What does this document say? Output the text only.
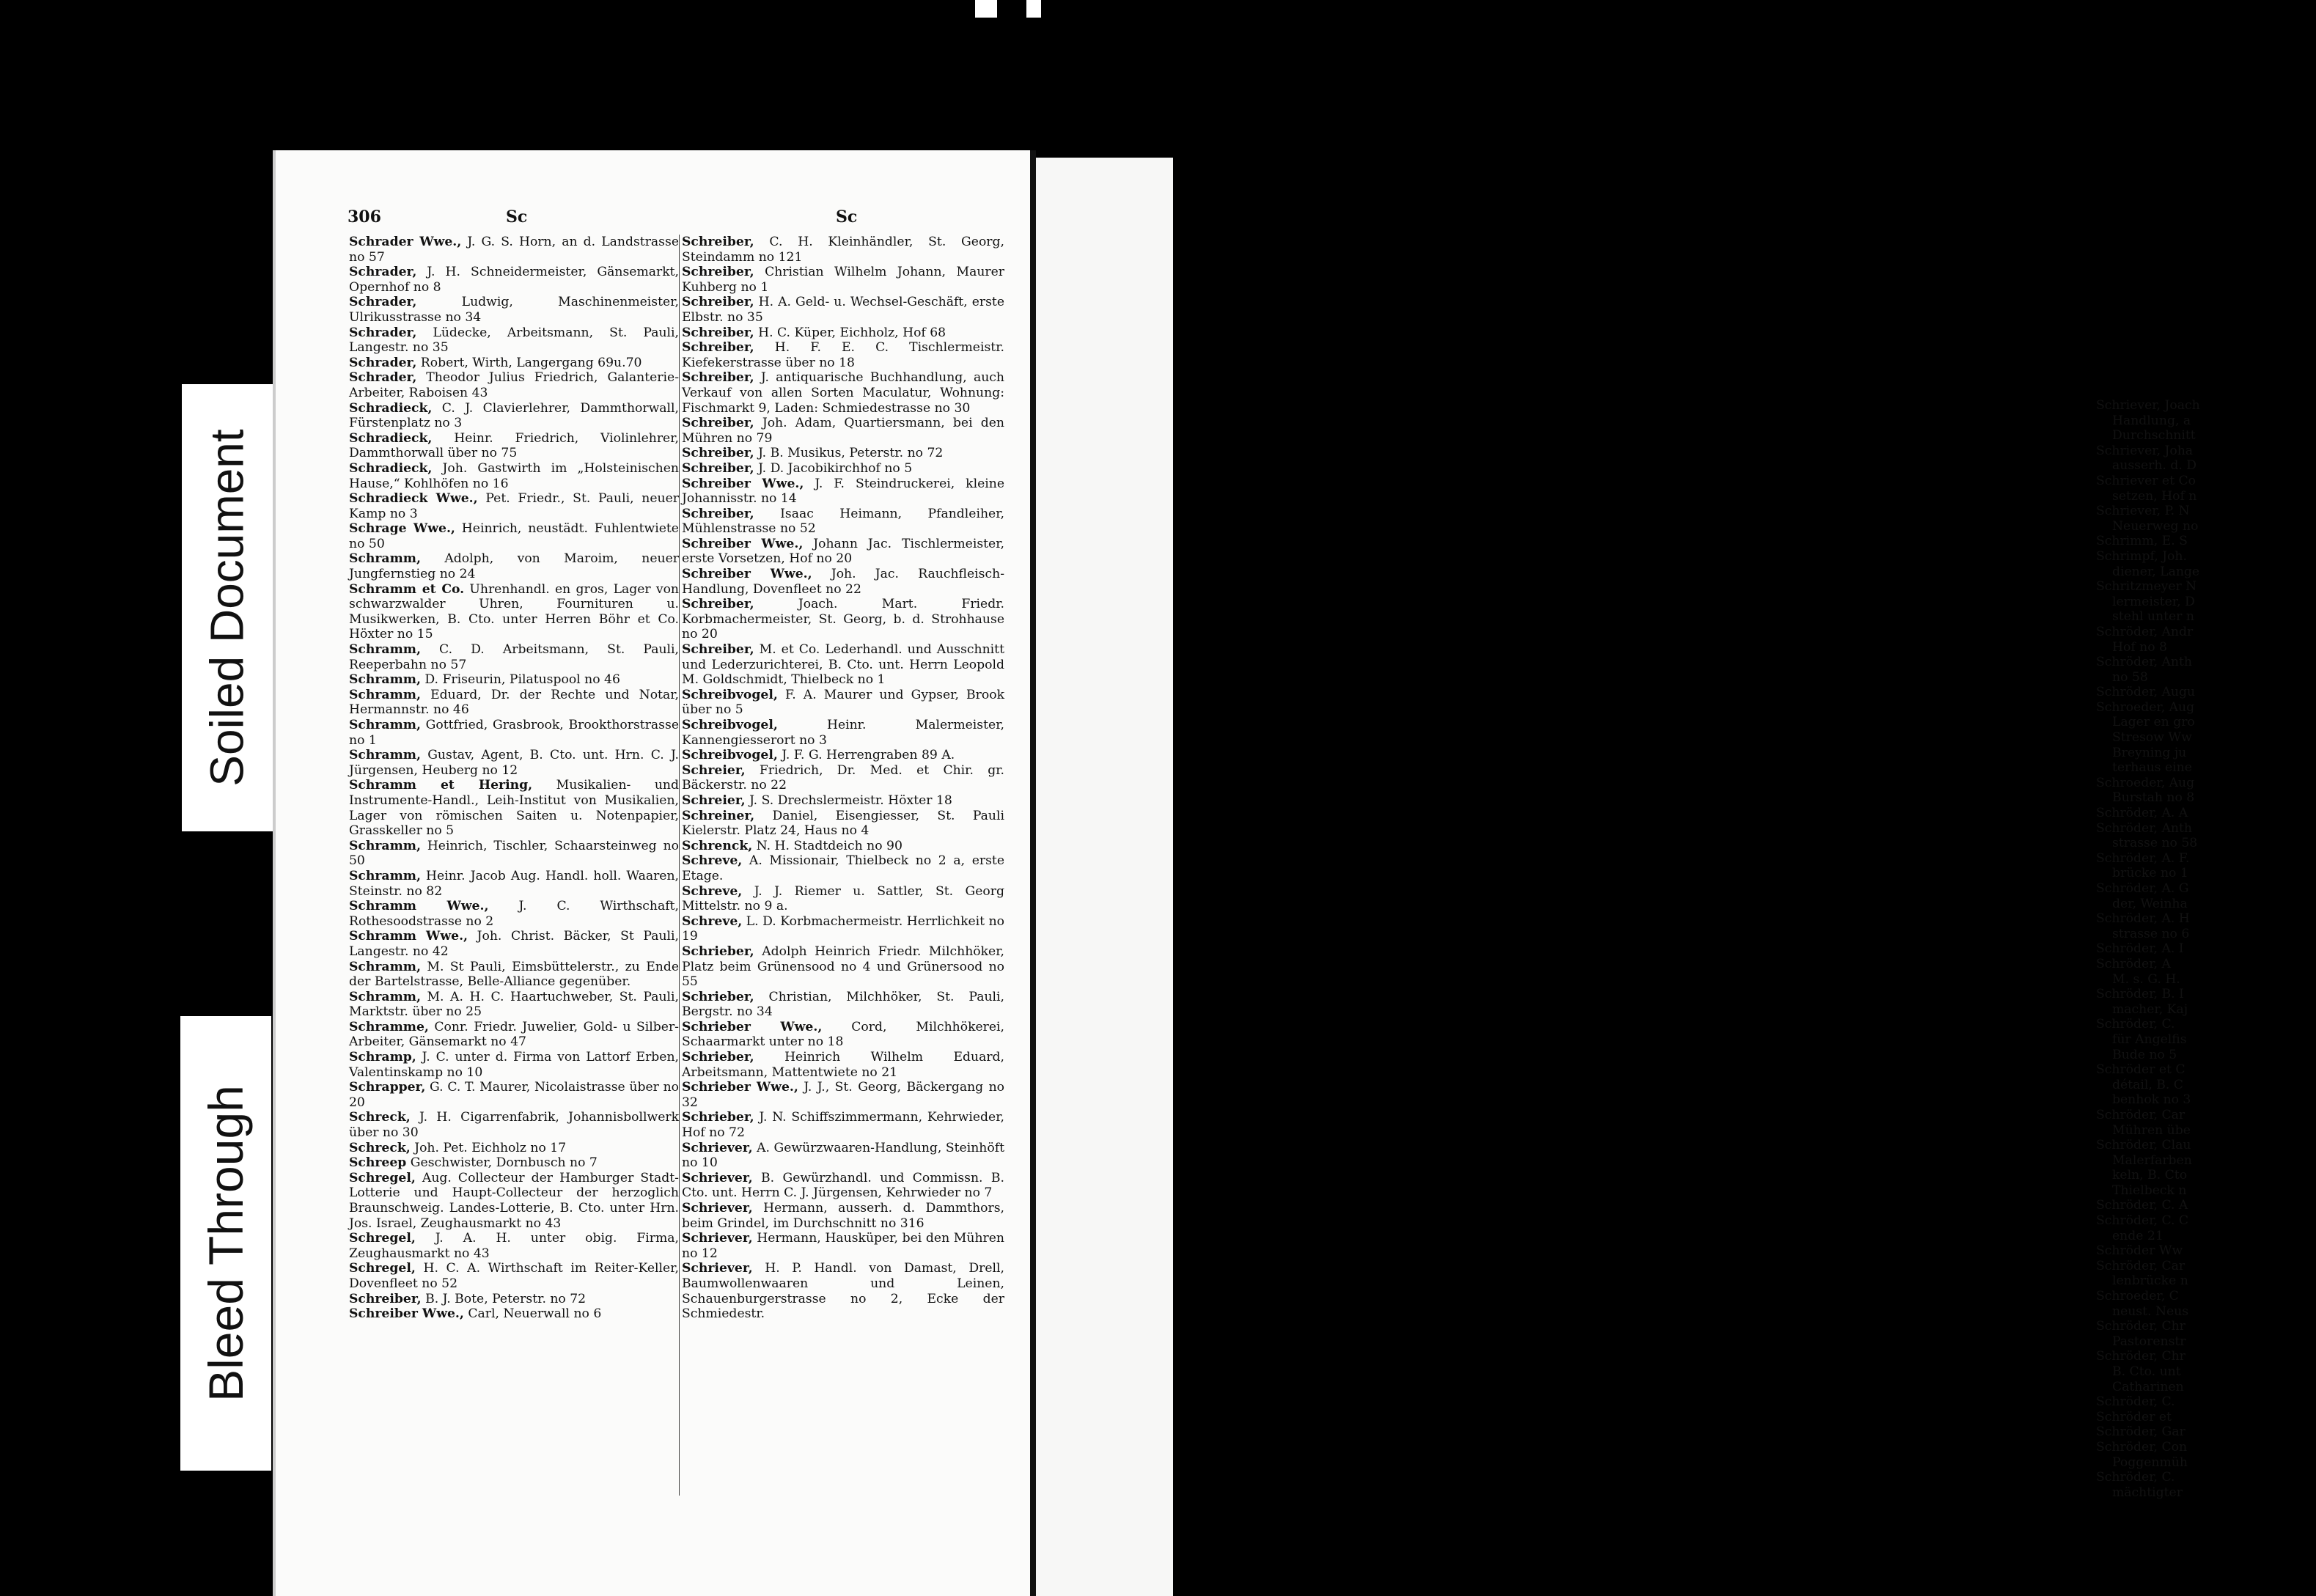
Soiled Document
Bleed Through
Schriever, Joach
Handlung, a
Durchschnitt
Schriever, Joha
ausserh. d. D
Schriever et Co
setzen, Hof n
Schriever, P. N
Neuerweg no
Schrimm, E. S
Schrimpf, Joh.
diener, Lange
Schritzmeyer N
lermeister, D
stehl unter n
Schröder, Andr
Hof no 8
Schröder, Anth
no 58
Schröder, Augu
Schroeder, Aug
Lager en gro
Stresow Ww
Breyning ju
terhaus eine
Schroeder, Aug
Burstah no 8
Schröder, A. A
Schröder, Anth
strasse no 58
Schröder, A. F.
brücke no 1
Schröder, A. G
der, Weinha
Schröder, A. H
strasse no 6
Schröder, A. I
Schröder, A
M. s. G. H.
Schröder, B. I
macher, Kaj
Schröder, C.
für Angelfis
Bude no 5
Schröder et C
détail, B. C
benhok no 3
Schröder, Car
Mühren übe
Schröder, Clau
Malerfarben
keln, B. Cto
Thielbeck n
Schröder, C. A
Schröder, C. C
ende 21
Schröder Ww
Schröder, Car
lenbrücke n
Schroeder, C
neust. Neus
Schröder, Chr
Pastorenstr
Schröder, Chr
B. Cto. unt
Catharinen
Schröder, C.
Schröder et
Schröder, Gar
Schröder, Con
Poggenmüh
Schröder, C.
mächtigter
306	Sc	Sc
Schrader Wwe., J. G. S. Horn, an d. Landstrasse no 57
Schrader, J. H. Schneidermeister, Gänsemarkt, Opernhof no 8
Schrader, Ludwig, Maschinenmeister, Ulrikusstrasse no 34
Schrader, Lüdecke, Arbeitsmann, St. Pauli, Langestr. no 35
Schrader, Robert, Wirth, Langergang 69u.70
Schrader, Theodor Julius Friedrich, Galanterie-Arbeiter, Raboisen 43
Schradieck, C. J. Clavierlehrer, Dammthorwall, Fürstenplatz no 3
Schradieck, Heinr. Friedrich, Violinlehrer, Dammthorwall über no 75
Schradieck, Joh. Gastwirth im „Holsteinischen Hause,“ Kohlhöfen no 16
Schradieck Wwe., Pet. Friedr., St. Pauli, neuer Kamp no 3
Schrage Wwe., Heinrich, neustädt. Fuhlentwiete no 50
Schramm, Adolph, von Maroim, neuer Jungfernstieg no 24
Schramm et Co. Uhrenhandl. en gros, Lager von schwarzwalder Uhren, Fournituren u. Musikwerken, B. Cto. unter Herren Böhr et Co. Höxter no 15
Schramm, C. D. Arbeitsmann, St. Pauli, Reeperbahn no 57
Schramm, D. Friseurin, Pilatuspool no 46
Schramm, Eduard, Dr. der Rechte und Notar, Hermannstr. no 46
Schramm, Gottfried, Grasbrook, Brookthorstrasse no 1
Schramm, Gustav, Agent, B. Cto. unt. Hrn. C. J. Jürgensen, Heuberg no 12
Schramm et Hering, Musikalien- und Instrumente-Handl., Leih-Institut von Musikalien, Lager von römischen Saiten u. Notenpapier, Grasskeller no 5
Schramm, Heinrich, Tischler, Schaarsteinweg no 50
Schramm, Heinr. Jacob Aug. Handl. holl. Waaren, Steinstr. no 82
Schramm Wwe., J. C. Wirthschaft, Rothesoodstrasse no 2
Schramm Wwe., Joh. Christ. Bäcker, St Pauli, Langestr. no 42
Schramm, M. St Pauli, Eimsbüttelerstr., zu Ende der Bartelstrasse, Belle-Alliance gegenüber.
Schramm, M. A. H. C. Haartuchweber, St. Pauli, Marktstr. über no 25
Schramme, Conr. Friedr. Juwelier, Gold- u Silber-Arbeiter, Gänsemarkt no 47
Schramp, J. C. unter d. Firma von Lattorf Erben, Valentinskamp no 10
Schrapper, G. C. T. Maurer, Nicolaistrasse über no 20
Schreck, J. H. Cigarrenfabrik, Johannisbollwerk über no 30
Schreck, Joh. Pet. Eichholz no 17
Schreep Geschwister, Dornbusch no 7
Schregel, Aug. Collecteur der Hamburger Stadt-Lotterie und Haupt-Collecteur der herzoglich Braunschweig. Landes-Lotterie, B. Cto. unter Hrn. Jos. Israel, Zeughausmarkt no 43
Schregel, J. A. H. unter obig. Firma, Zeughausmarkt no 43
Schregel, H. C. A. Wirthschaft im Reiter-Keller, Dovenfleet no 52
Schreiber, B. J. Bote, Peterstr. no 72
Schreiber Wwe., Carl, Neuerwall no 6
Schreiber, C. H. Kleinhändler, St. Georg, Steindamm no 121
Schreiber, Christian Wilhelm Johann, Maurer Kuhberg no 1
Schreiber, H. A. Geld- u. Wechsel-Geschäft, erste Elbstr. no 35
Schreiber, H. C. Küper, Eichholz, Hof 68
Schreiber, H. F. E. C. Tischlermeistr. Kiefekerstrasse über no 18
Schreiber, J. antiquarische Buchhandlung, auch Verkauf von allen Sorten Maculatur, Wohnung: Fischmarkt 9, Laden: Schmiedestrasse no 30
Schreiber, Joh. Adam, Quartiersmann, bei den Mühren no 79
Schreiber, J. B. Musikus, Peterstr. no 72
Schreiber, J. D. Jacobikirchhof no 5
Schreiber Wwe., J. F. Steindruckerei, kleine Johannisstr. no 14
Schreiber, Isaac Heimann, Pfandleiher, Mühlenstrasse no 52
Schreiber Wwe., Johann Jac. Tischlermeister, erste Vorsetzen, Hof no 20
Schreiber Wwe., Joh. Jac. Rauchfleisch-Handlung, Dovenfleet no 22
Schreiber, Joach. Mart. Friedr. Korbmachermeister, St. Georg, b. d. Strohhause no 20
Schreiber, M. et Co. Lederhandl. und Ausschnitt und Lederzurichterei, B. Cto. unt. Herrn Leopold M. Goldschmidt, Thielbeck no 1
Schreibvogel, F. A. Maurer und Gypser, Brook über no 5
Schreibvogel, Heinr. Malermeister, Kannengiesserort no 3
Schreibvogel, J. F. G. Herrengraben 89 A.
Schreier, Friedrich, Dr. Med. et Chir. gr. Bäckerstr. no 22
Schreier, J. S. Drechslermeistr. Höxter 18
Schreiner, Daniel, Eisengiesser, St. Pauli Kielerstr. Platz 24, Haus no 4
Schrenck, N. H. Stadtdeich no 90
Schreve, A. Missionair, Thielbeck no 2 a, erste Etage.
Schreve, J. J. Riemer u. Sattler, St. Georg Mittelstr. no 9 a.
Schreve, L. D. Korbmachermeistr. Herrlichkeit no 19
Schrieber, Adolph Heinrich Friedr. Milchhöker, Platz beim Grünensood no 4 und Grünersood no 55
Schrieber, Christian, Milchhöker, St. Pauli, Bergstr. no 34
Schrieber Wwe., Cord, Milchhökerei, Schaarmarkt unter no 18
Schrieber, Heinrich Wilhelm Eduard, Arbeitsmann, Mattentwiete no 21
Schrieber Wwe., J. J., St. Georg, Bäckergang no 32
Schrieber, J. N. Schiffszimmermann, Kehrwieder, Hof no 72
Schriever, A. Gewürzwaaren-Handlung, Steinhöft no 10
Schriever, B. Gewürzhandl. und Commissn. B. Cto. unt. Herrn C. J. Jürgensen, Kehrwieder no 7
Schriever, Hermann, ausserh. d. Dammthors, beim Grindel, im Durchschnitt no 316
Schriever, Hermann, Hausküper, bei den Mühren no 12
Schriever, H. P. Handl. von Damast, Drell, Baumwollenwaaren und Leinen, Schauenburgerstrasse no 2, Ecke der Schmiedestr.
